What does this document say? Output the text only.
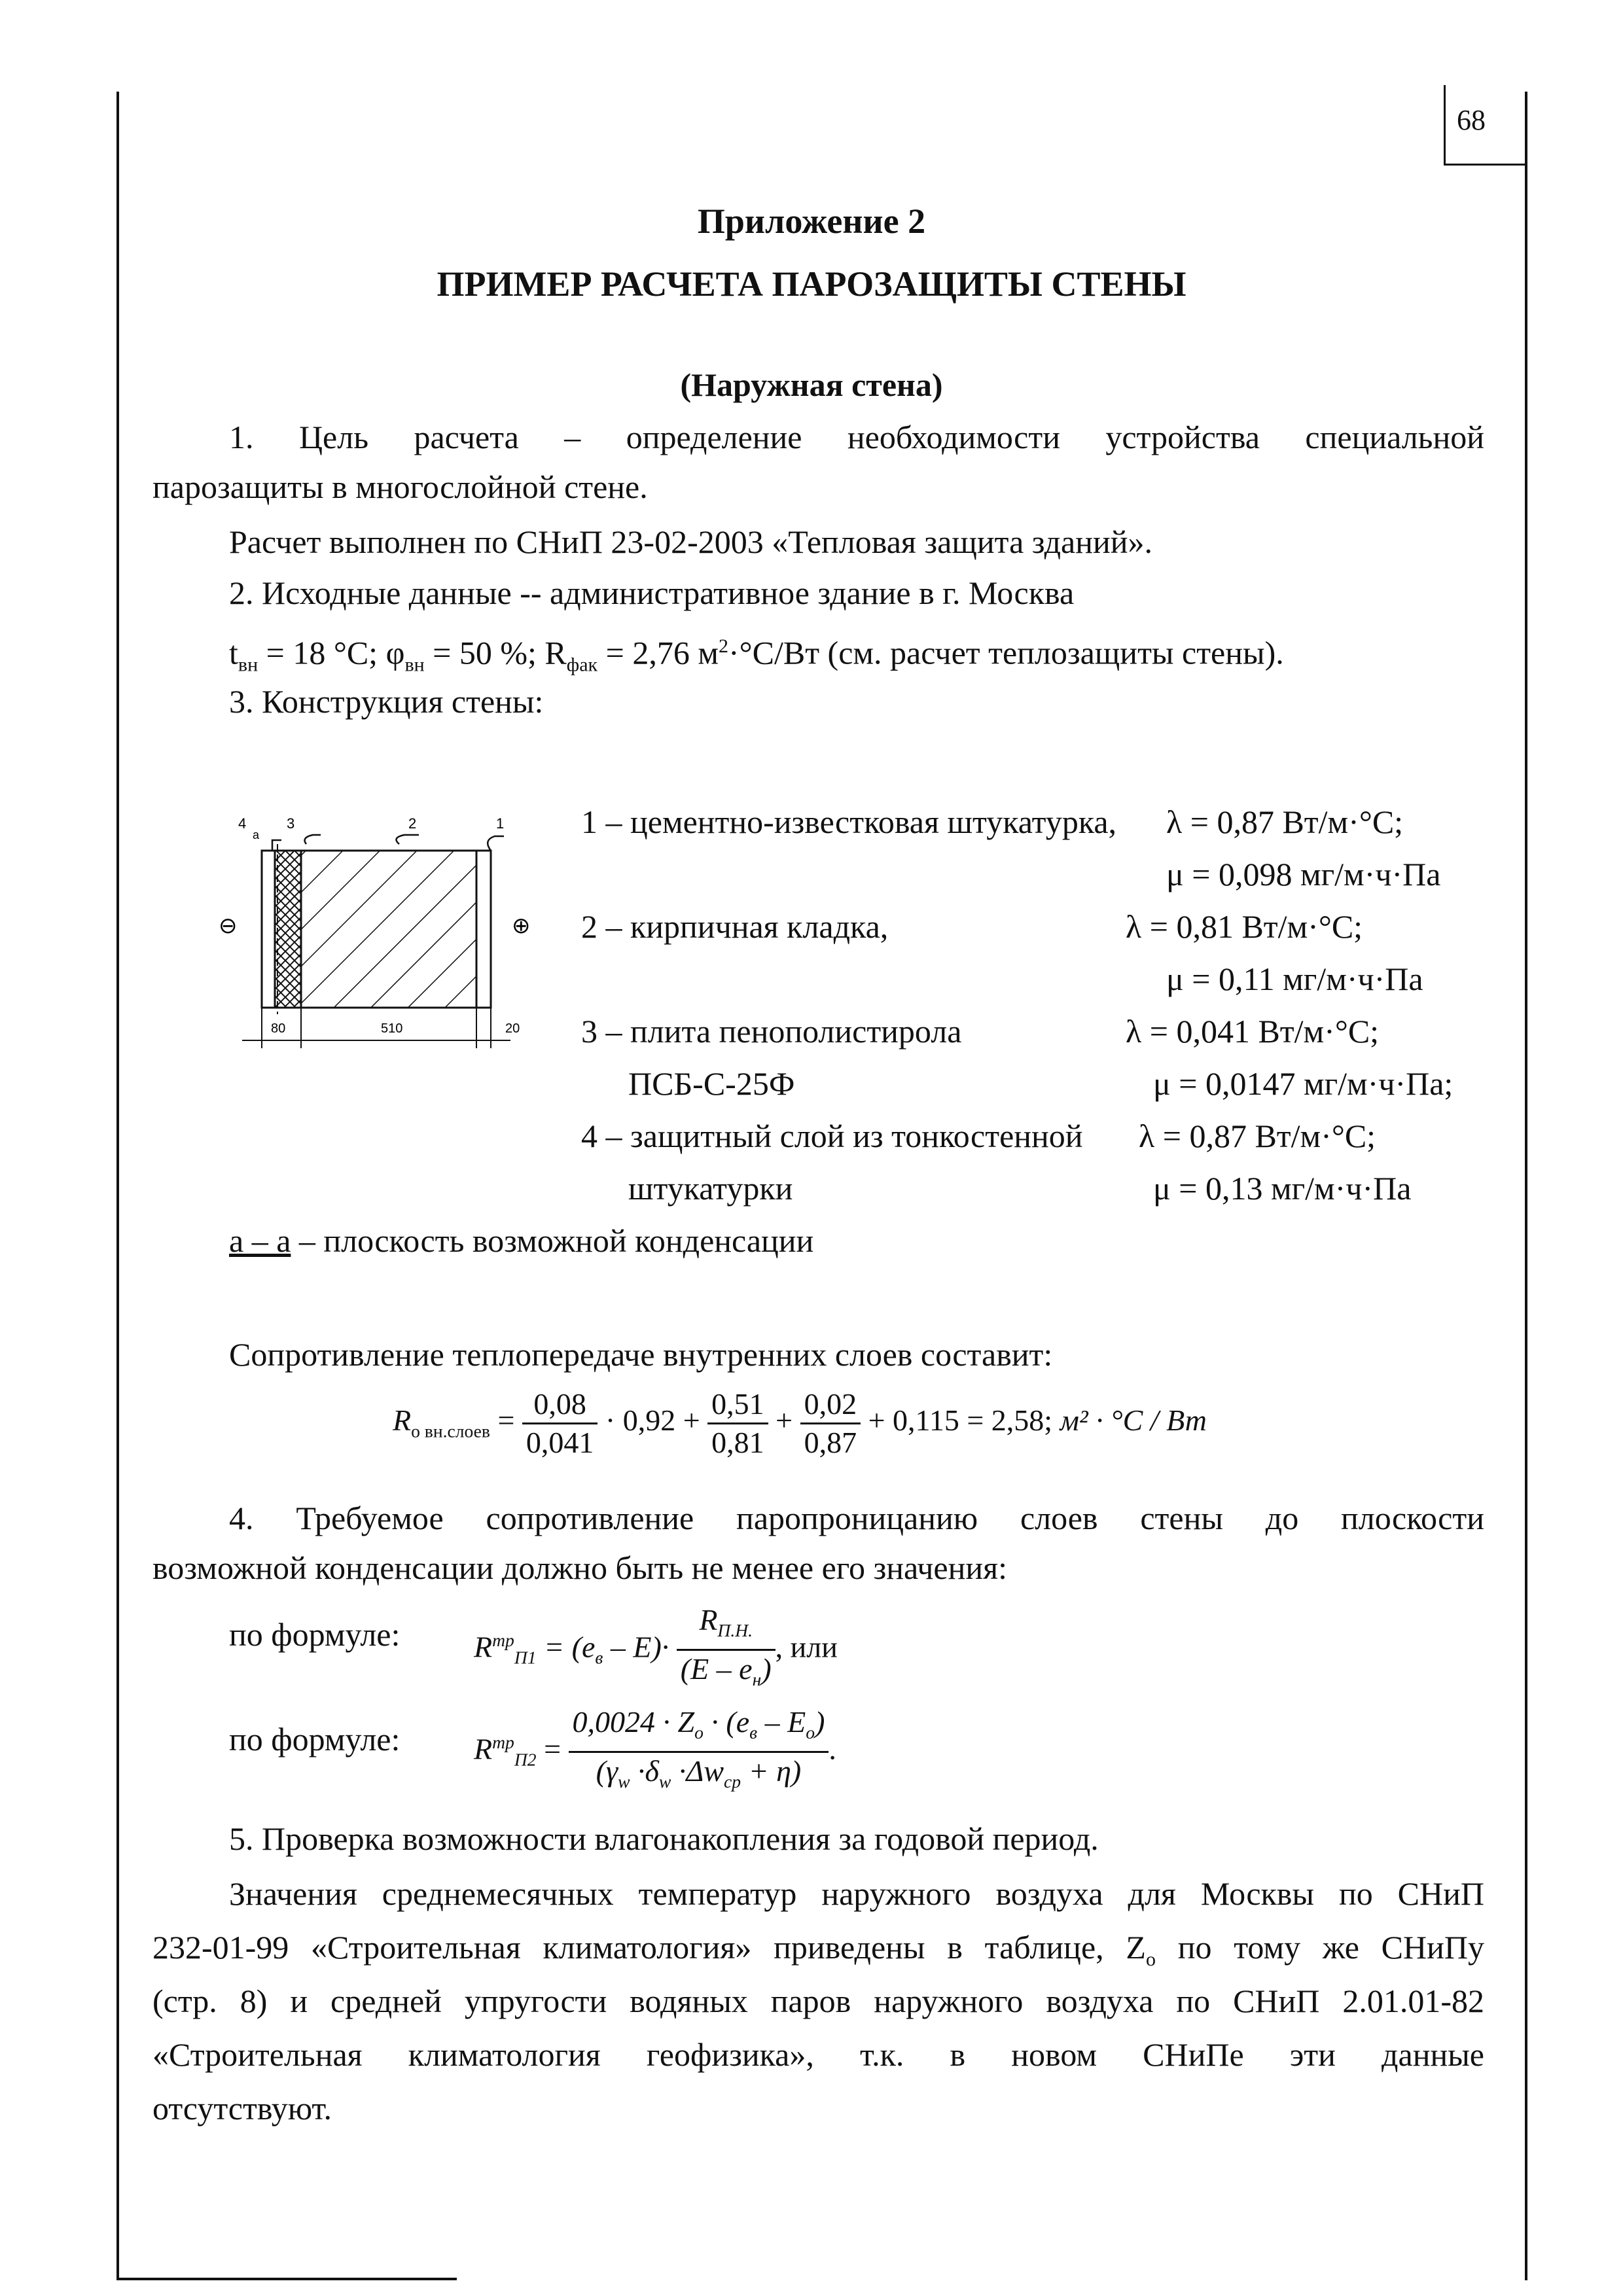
68
Приложение 2
ПРИМЕР РАСЧЕТА ПАРОЗАЩИТЫ СТЕНЫ
(Наружная стена)
1. Цель расчета – определение необходимости устройства специальной
парозащиты в многослойной стене.
Расчет выполнен по СНиП 23-02-2003 «Тепловая защита зданий».
2. Исходные данные -- административное здание в г. Москва
$t_{вн} = 18$ °C; $\varphi_{вн} = 50$ %; $R_{фак} = 2,76$ $м^2\cdot^\circ С/Вт$ (см. расчет теплозащиты стены).
3. Конструкция стены:
4
а
3	2	1
⊖	⊕
80	510	20
1 – цементно-известковая штукатурка, λ = 0,87 Вт/м·°С;
μ = 0,098 мг/м·ч·Па
2 – кирпичная кладка,	λ = 0,81 Вт/м·°С;
μ = 0,11 мг/м·ч·Па
3 – плита пенополистирола	λ = 0,041 Вт/м·°С;
ПСБ-С-25Ф	μ = 0,0147 мг/м·ч·Па;
4 – защитный слой из тонкостенной λ = 0,87 Вт/м·°С;
штукатурки	μ = 0,13 мг/м·ч·Па
а – а – плоскость возможной конденсации
Сопротивление теплопередаче внутренних слоев составит:
$R_{o вн.слоев} = \frac{0,08}{0,041} \cdot 0,92 + \frac{0,51}{0,81} + \frac{0,02}{0,87} + 0,115 = 2,58$; м² · °С / Вт
4. Требуемое сопротивление паропроницанию слоев стены до плоскости
возможной конденсации должно быть не менее его значения:
по формуле: $R^{тр}_{П1} = (e_в - E)\cdot \frac{R_{П.Н.}}{(E - e_н)}$ , или
по формуле: $R^{тр}_{П2} = \frac{0,0024 \cdot Z_o \cdot (e_в - E_o)}{(\gamma_w \cdot\delta_w \cdot\Delta w_{ср} + \eta)}$ .
5. Проверка возможности влагонакопления за годовой период.
Значения среднемесячных температур наружного воздуха для Москвы по СНиП
232-01-99 «Строительная климатология» приведены в таблице, $Z_о$ по тому же СНиПу
(стр. 8) и средней упругости водяных паров наружного воздуха по СНиП 2.01.01-82
«Строительная климатология геофизика», т.к. в новом СНиПе эти данные
отсутствуют.
